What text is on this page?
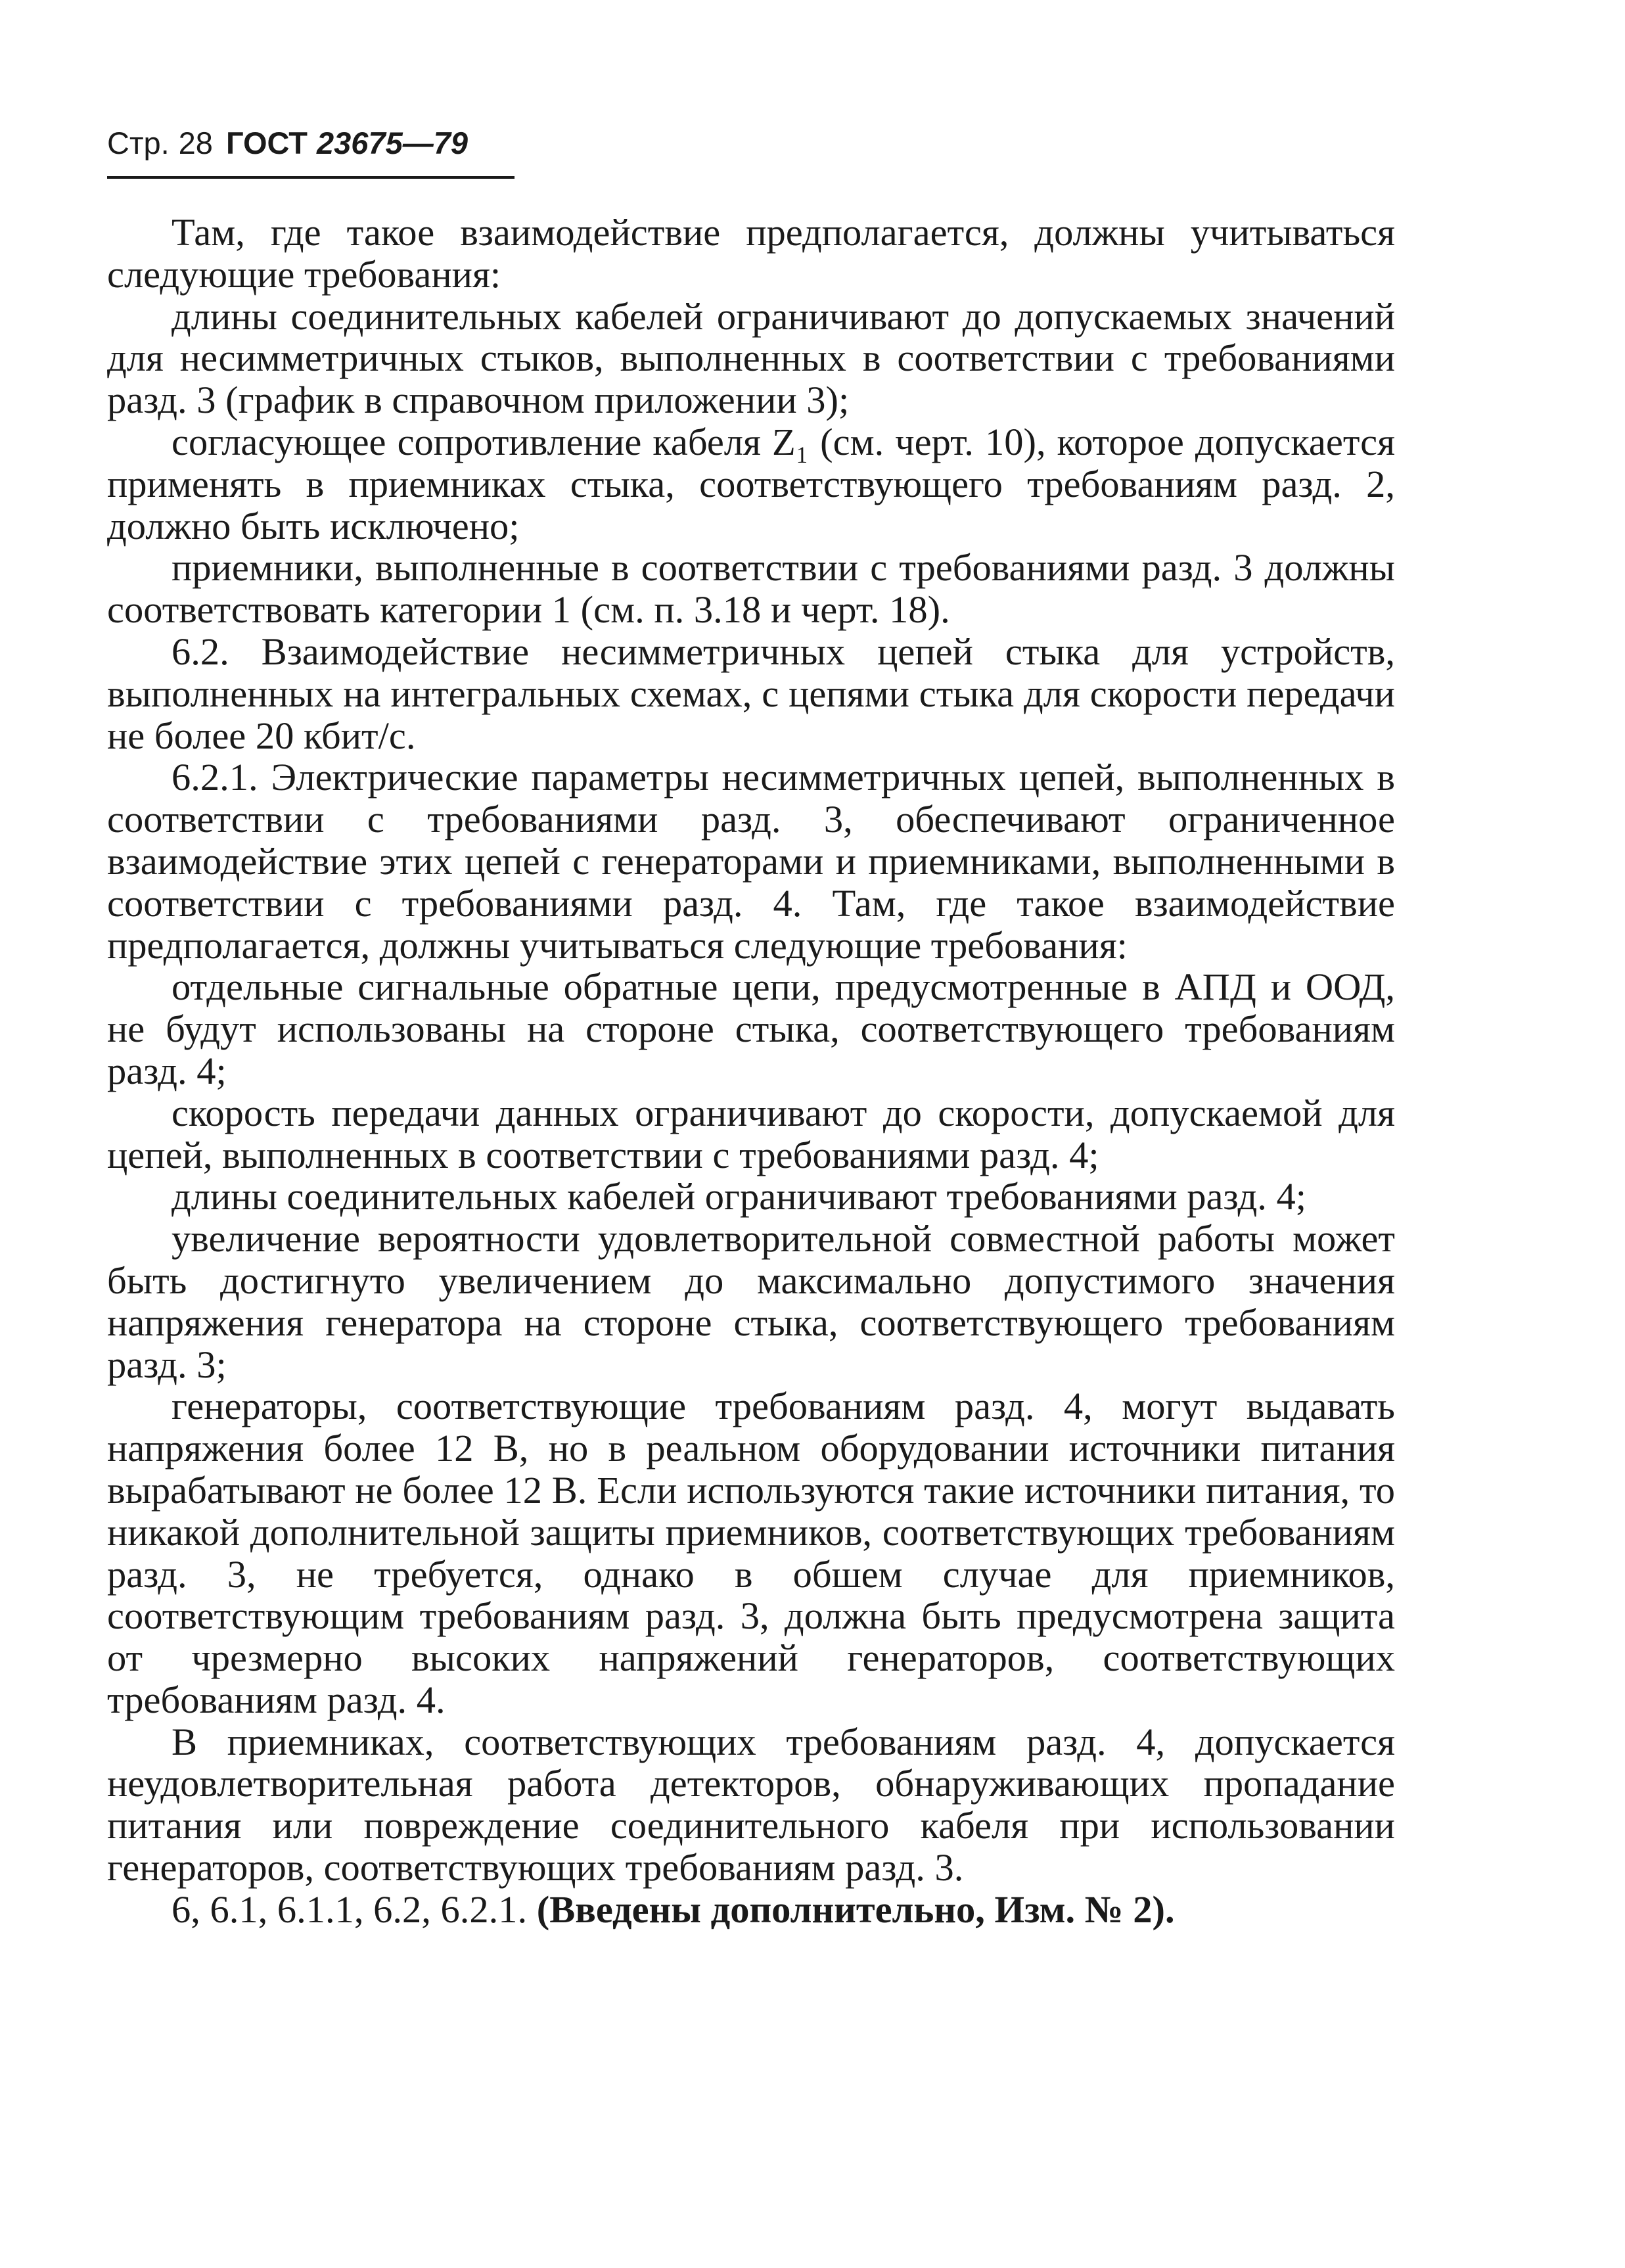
Стр. 28 ГОСТ 23675—79

Там, где такое взаимодействие предполагается, должны учитываться следующие требования:

длины соединительных кабелей ограничивают до допускаемых значений для несимметричных стыков, выполненных в соответствии с требованиями разд. 3 (график в справочном приложении 3);

согласующее сопротивление кабеля Z₁ (см. черт. 10), которое допускается применять в приемниках стыка, соответствующего требованиям разд. 2, должно быть исключено;

приемники, выполненные в соответствии с требованиями разд. 3 должны соответствовать категории 1 (см. п. 3.18 и черт. 18).

6.2. Взаимодействие несимметричных цепей стыка для устройств, выполненных на интегральных схемах, с цепями стыка для скорости передачи не более 20 кбит/с.

6.2.1. Электрические параметры несимметричных цепей, выполненных в соответствии с требованиями разд. 3, обеспечивают ограниченное взаимодействие этих цепей с генераторами и приемниками, выполненными в соответствии с требованиями разд. 4. Там, где такое взаимодействие предполагается, должны учитываться следующие требования:

отдельные сигнальные обратные цепи, предусмотренные в АПД и ООД, не будут использованы на стороне стыка, соответствующего требованиям разд. 4;

скорость передачи данных ограничивают до скорости, допускаемой для цепей, выполненных в соответствии с требованиями разд. 4;

длины соединительных кабелей ограничивают требованиями разд. 4;

увеличение вероятности удовлетворительной совместной работы может быть достигнуто увеличением до максимально допустимого значения напряжения генератора на стороне стыка, соответствующего требованиям разд. 3;

генераторы, соответствующие требованиям разд. 4, могут выдавать напряжения более 12 В, но в реальном оборудовании источники питания вырабатывают не более 12 В. Если используются такие источники питания, то никакой дополнительной защиты приемников, соответствующих требованиям разд. 3, не требуется, однако в обшем случае для приемников, соответствующим требованиям разд. 3, должна быть предусмотрена защита от чрезмерно высоких напряжений генераторов, соответствующих требованиям разд. 4.

В приемниках, соответствующих требованиям разд. 4, допускается неудовлетворительная работа детекторов, обнаруживающих пропадание питания или повреждение соединительного кабеля при использовании генераторов, соответствующих требованиям разд. 3.

6, 6.1, 6.1.1, 6.2, 6.2.1. (Введены дополнительно, Изм. № 2).
